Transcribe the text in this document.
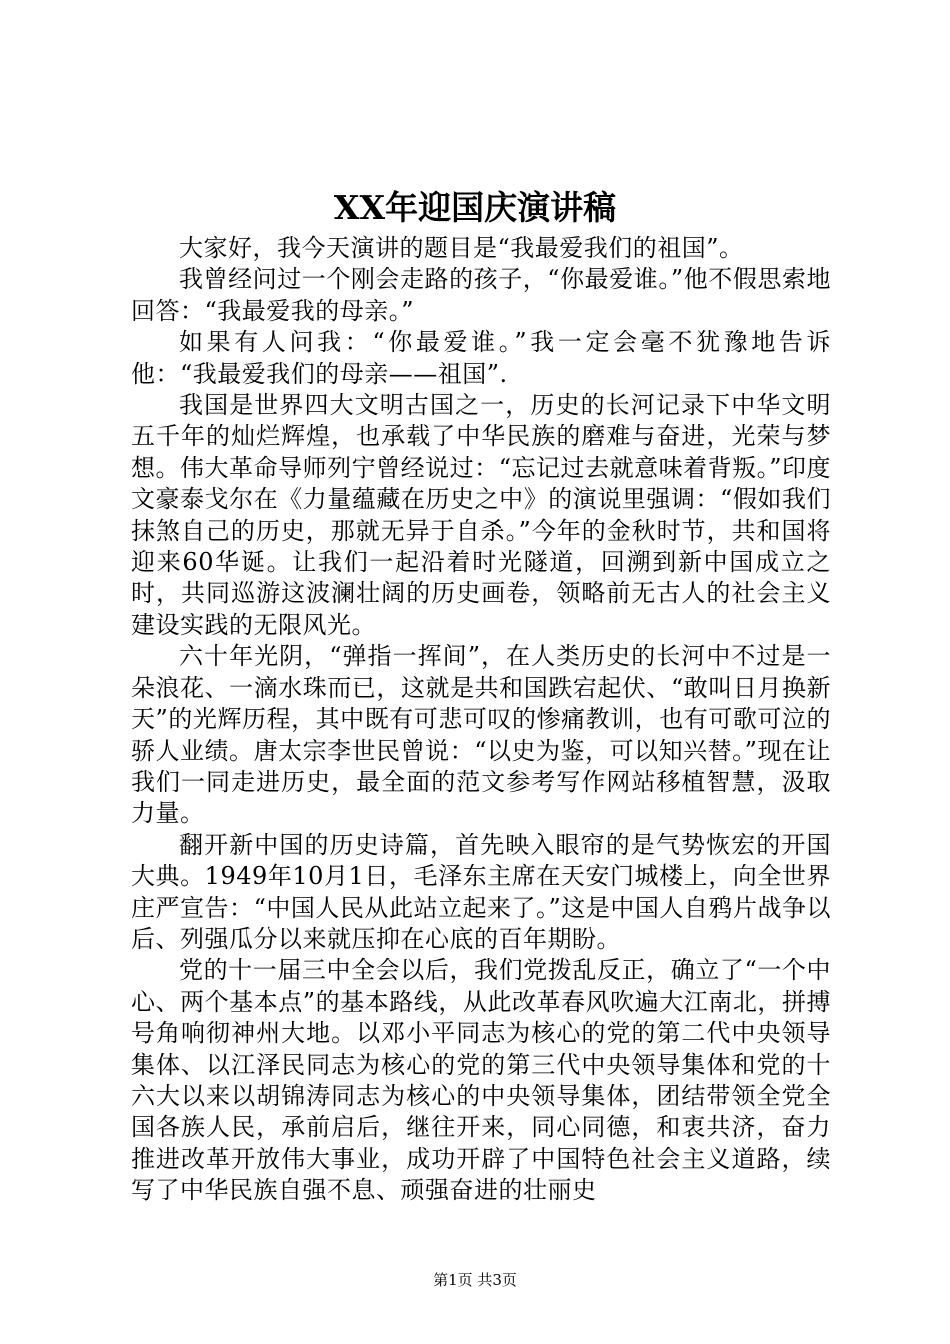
XX年迎国庆演讲稿

大家好，我今天演讲的题目是“我最爱我们的祖国”。

我曾经问过一个刚会走路的孩子，“你最爱谁。”他不假思索地回答：“我最爱我的母亲。”

如果有人问我：“你最爱谁。”我一定会毫不犹豫地告诉他：“我最爱我们的母亲——祖国”.

我国是世界四大文明古国之一，历史的长河记录下中华文明五千年的灿烂辉煌，也承载了中华民族的磨难与奋进，光荣与梦想。伟大革命导师列宁曾经说过：“忘记过去就意味着背叛。”印度文豪泰戈尔在《力量蕴藏在历史之中》的演说里强调：“假如我们抹煞自己的历史，那就无异于自杀。”今年的金秋时节，共和国将迎来60华诞。让我们一起沿着时光隧道，回溯到新中国成立之时，共同巡游这波澜壮阔的历史画卷，领略前无古人的社会主义建设实践的无限风光。

六十年光阴，“弹指一挥间”，在人类历史的长河中不过是一朵浪花、一滴水珠而已，这就是共和国跌宕起伏、“敢叫日月换新天”的光辉历程，其中既有可悲可叹的惨痛教训，也有可歌可泣的骄人业绩。唐太宗李世民曾说：“以史为鉴，可以知兴替。”现在让我们一同走进历史，最全面的范文参考写作网站移植智慧，汲取力量。

翻开新中国的历史诗篇，首先映入眼帘的是气势恢宏的开国大典。1949年10月1日，毛泽东主席在天安门城楼上，向全世界庄严宣告：“中国人民从此站立起来了。”这是中国人自鸦片战争以后、列强瓜分以来就压抑在心底的百年期盼。

党的十一届三中全会以后，我们党拨乱反正，确立了“一个中心、两个基本点”的基本路线，从此改革春风吹遍大江南北，拼搏号角响彻神州大地。以邓小平同志为核心的党的第二代中央领导集体、以江泽民同志为核心的党的第三代中央领导集体和党的十六大以来以胡锦涛同志为核心的中央领导集体，团结带领全党全国各族人民，承前启后，继往开来，同心同德，和衷共济，奋力推进改革开放伟大事业，成功开辟了中国特色社会主义道路，续写了中华民族自强不息、顽强奋进的壮丽史

第1页 共3页
